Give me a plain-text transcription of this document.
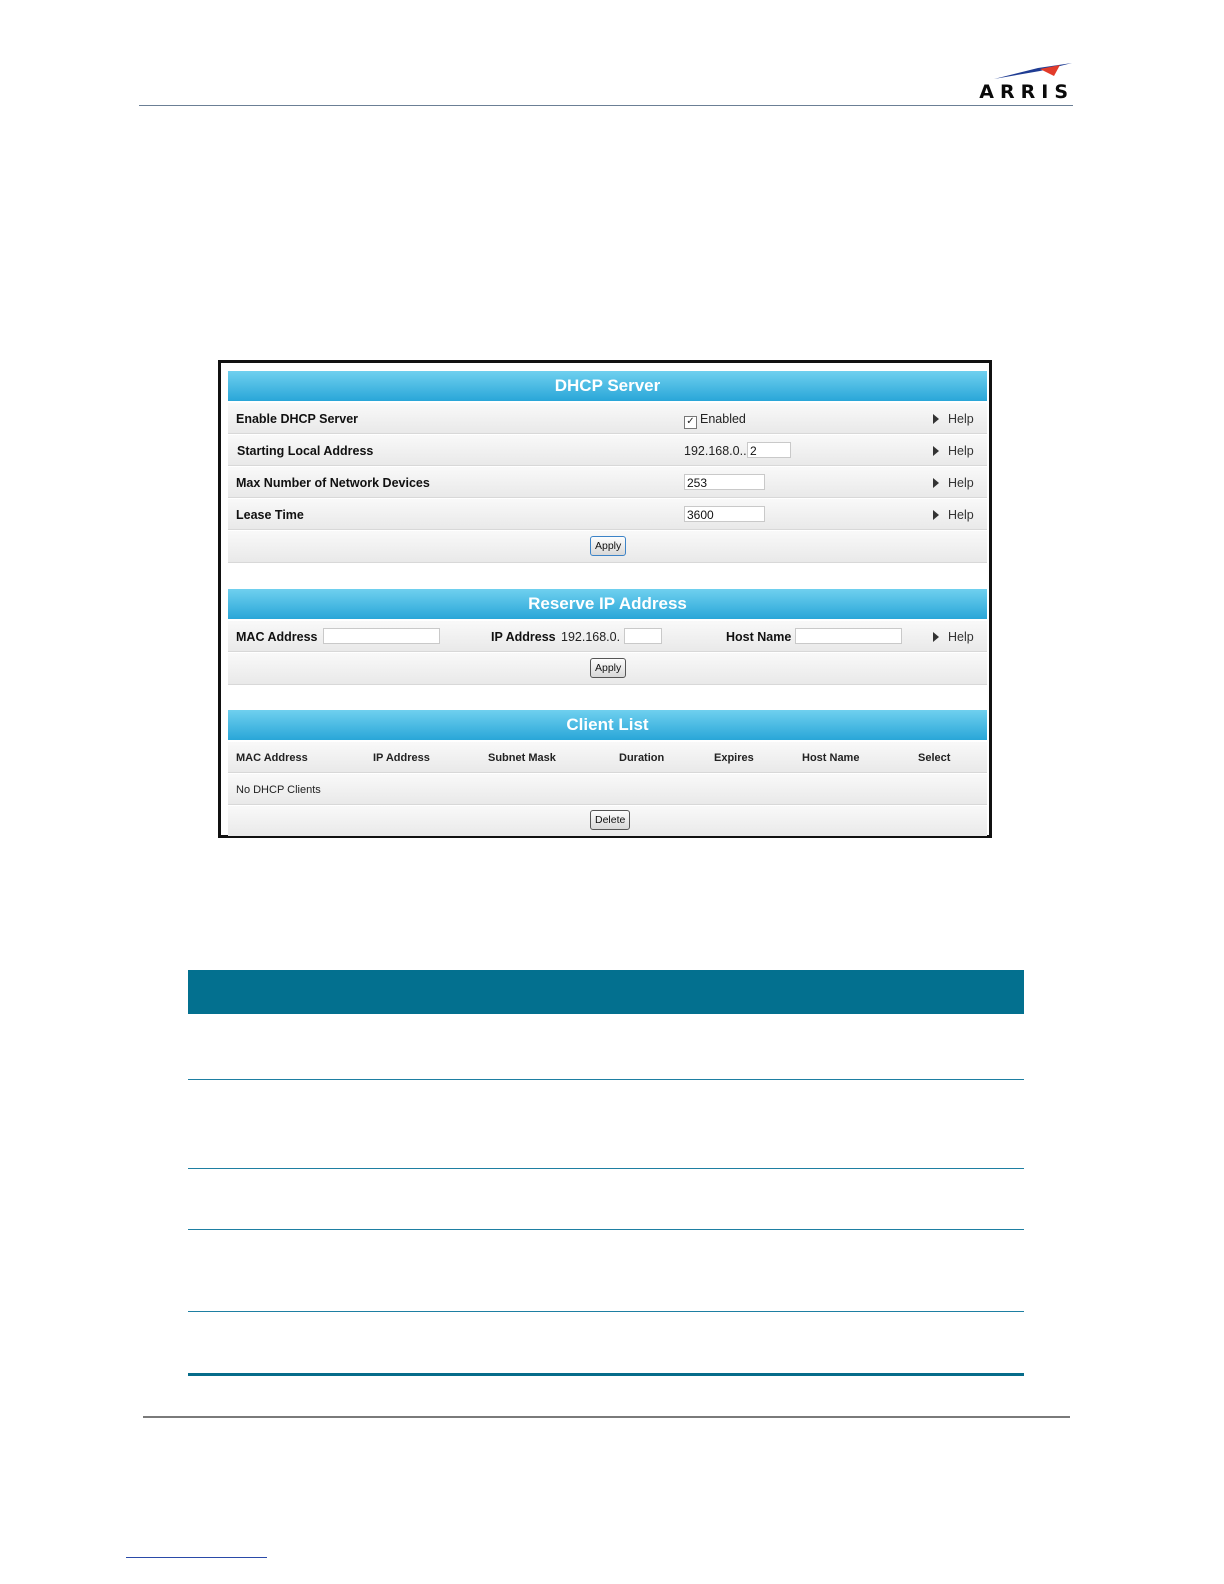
ARRIS
DHCP Server
Enable DHCP Server	✓ Enabled	Help
Starting Local Address	192.168.0.. 2	Help
Max Number of Network Devices	253	Help
Lease Time	3600	Help
Apply
Reserve IP Address
MAC Address	IP Address 192.168.0.	Host Name	Help
Apply
Client List
MAC Address	IP Address	Subnet Mask	Duration	Expires	Host Name	Select
No DHCP Clients
Delete
